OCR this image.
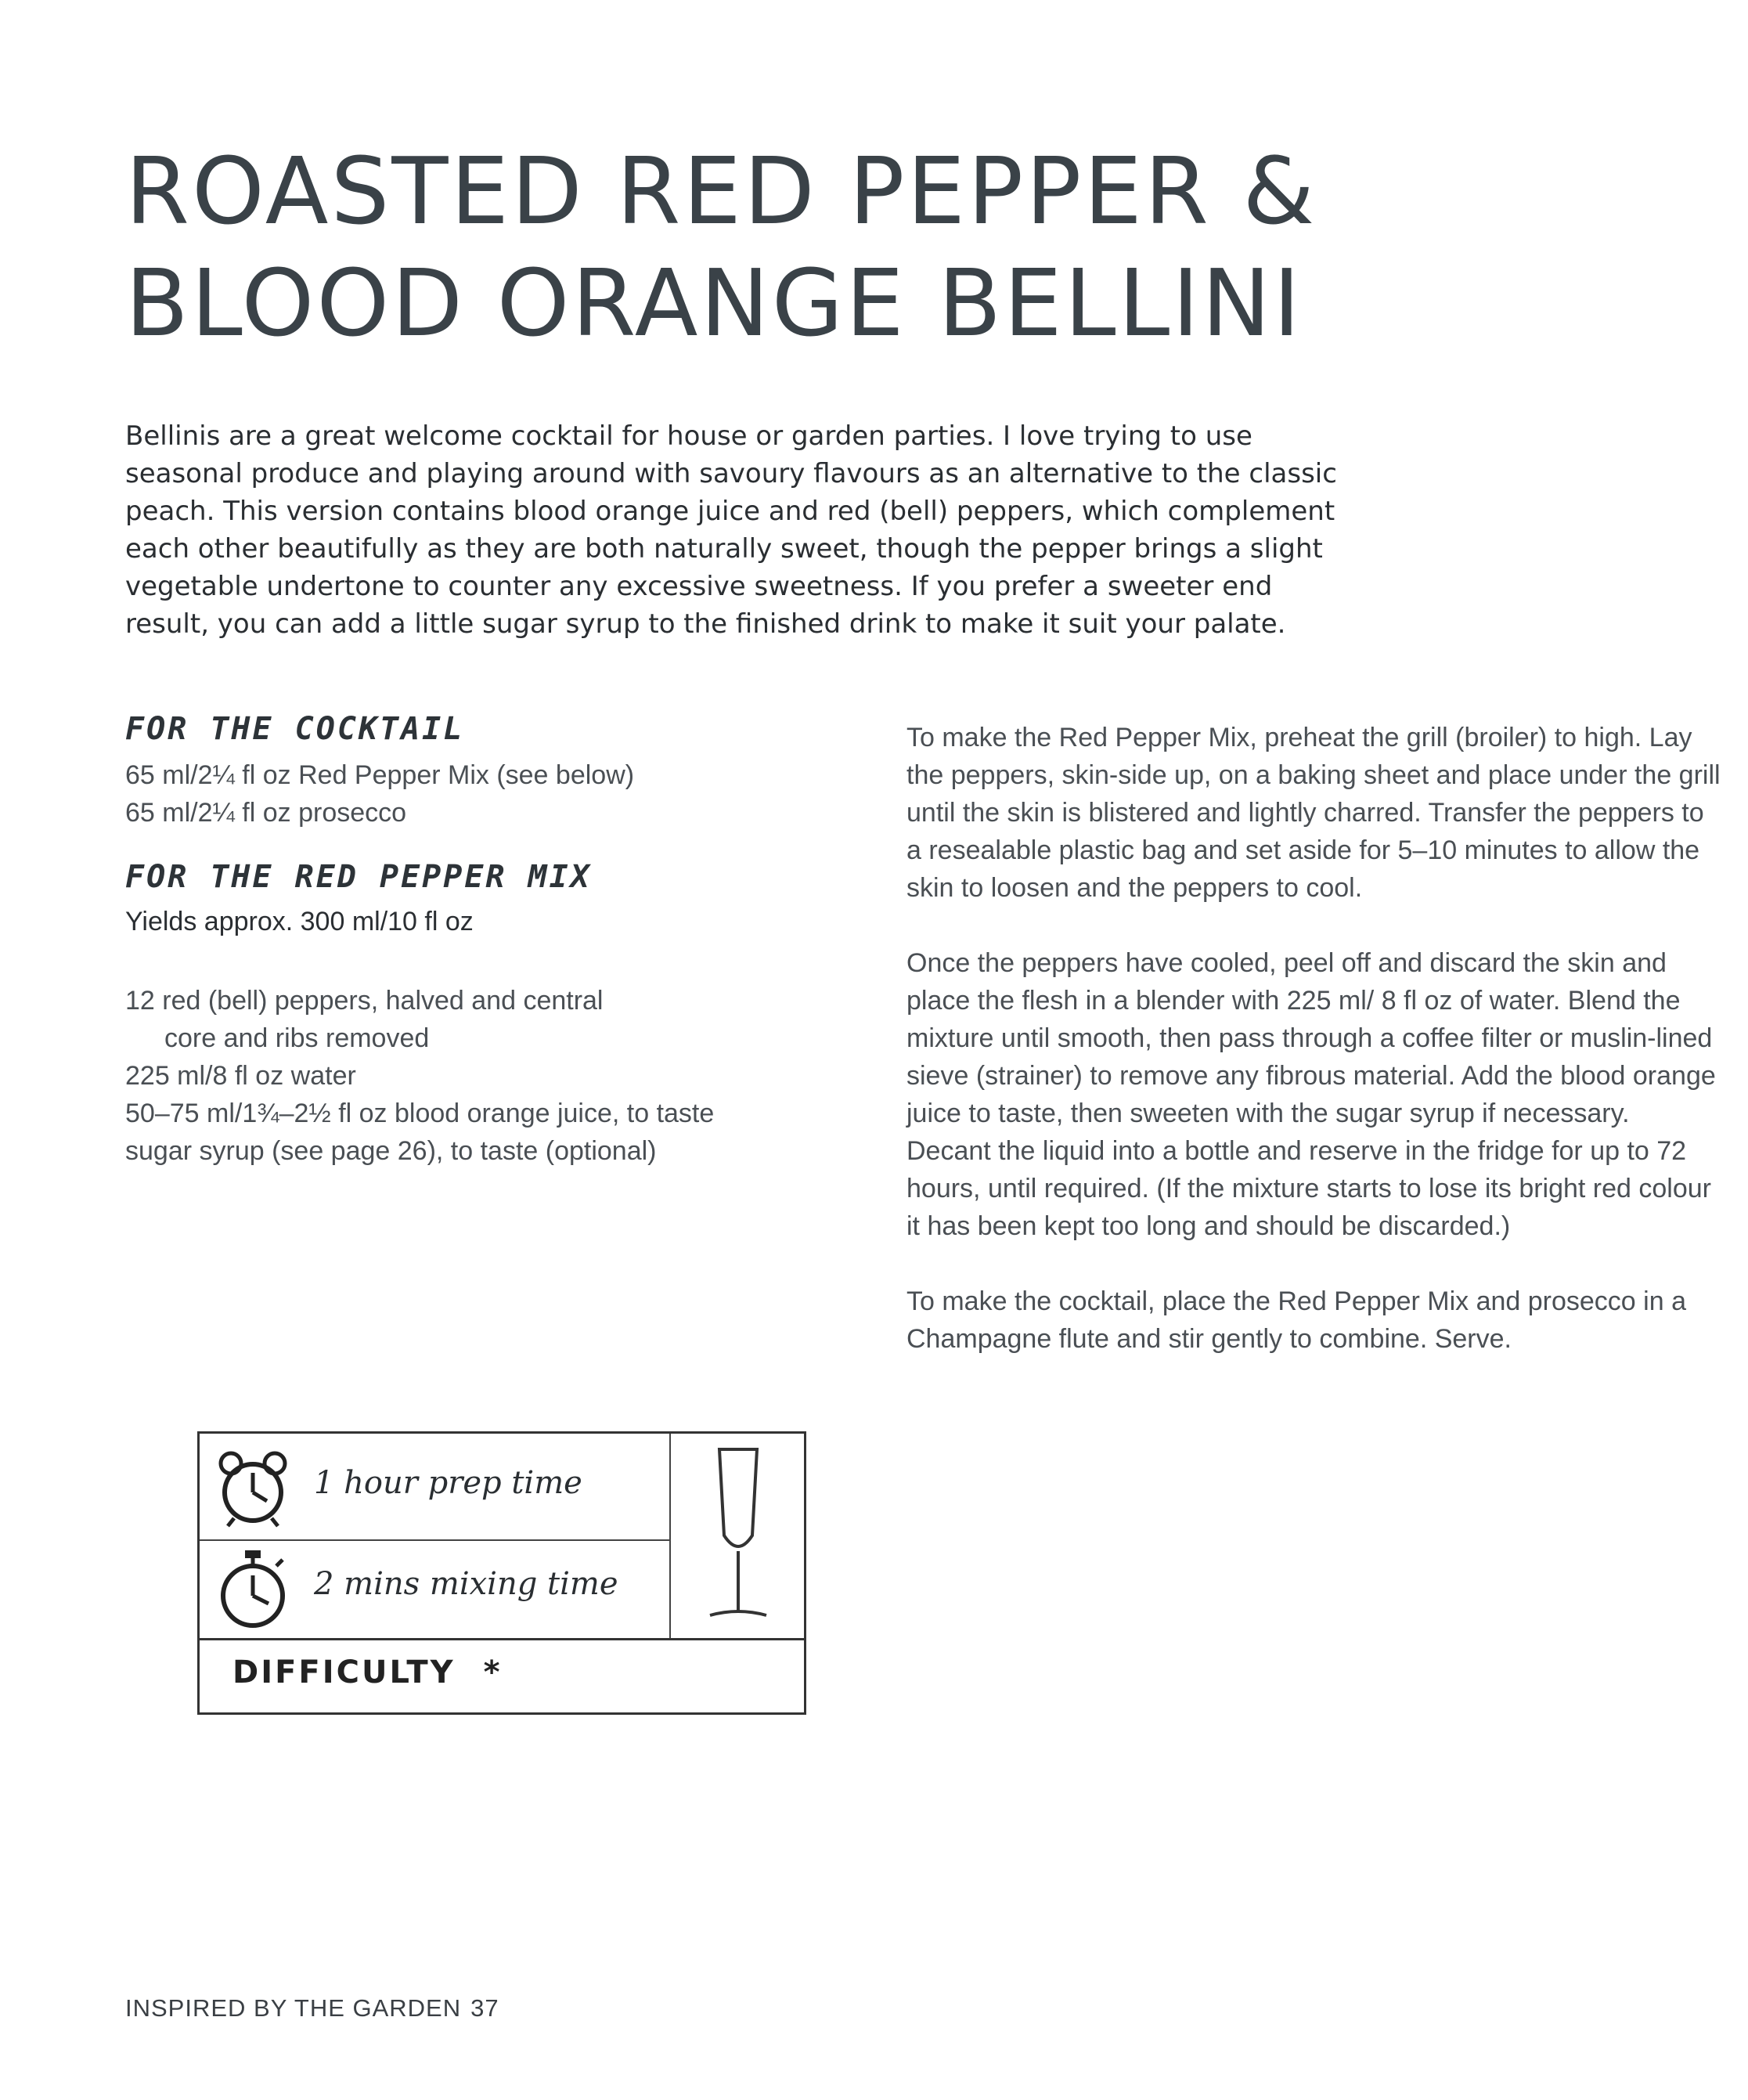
ROASTED RED PEPPER &
BLOOD ORANGE BELLINI

Bellinis are a great welcome cocktail for house or garden parties. I love trying to use seasonal produce and playing around with savoury flavours as an alternative to the classic peach. This version contains blood orange juice and red (bell) peppers, which complement each other beautifully as they are both naturally sweet, though the pepper brings a slight vegetable undertone to counter any excessive sweetness. If you prefer a sweeter end result, you can add a little sugar syrup to the finished drink to make it suit your palate.

FOR THE COCKTAIL
65 ml/2¼ fl oz Red Pepper Mix (see below)
65 ml/2¼ fl oz prosecco
FOR THE RED PEPPER MIX
Yields approx. 300 ml/10 fl oz
12 red (bell) peppers, halved and central
core and ribs removed
225 ml/8 fl oz water
50–75 ml/1¾–2½ fl oz blood orange juice, to taste
sugar syrup (see page 26), to taste (optional)

To make the Red Pepper Mix, preheat the grill (broiler) to high. Lay the peppers, skin-side up, on a baking sheet and place under the grill until the skin is blistered and lightly charred. Transfer the peppers to a resealable plastic bag and set aside for 5–10 minutes to allow the skin to loosen and the peppers to cool.

Once the peppers have cooled, peel off and discard the skin and place the flesh in a blender with 225 ml/ 8 fl oz of water. Blend the mixture until smooth, then pass through a coffee filter or muslin-lined sieve (strainer) to remove any fibrous material. Add the blood orange juice to taste, then sweeten with the sugar syrup if necessary. Decant the liquid into a bottle and reserve in the fridge for up to 72 hours, until required. (If the mixture starts to lose its bright red colour it has been kept too long and should be discarded.)

To make the cocktail, place the Red Pepper Mix and prosecco in a Champagne flute and stir gently to combine. Serve.

1 hour prep time
2 mins mixing time
DIFFICULTY *
INSPIRED BY THE GARDEN 37
